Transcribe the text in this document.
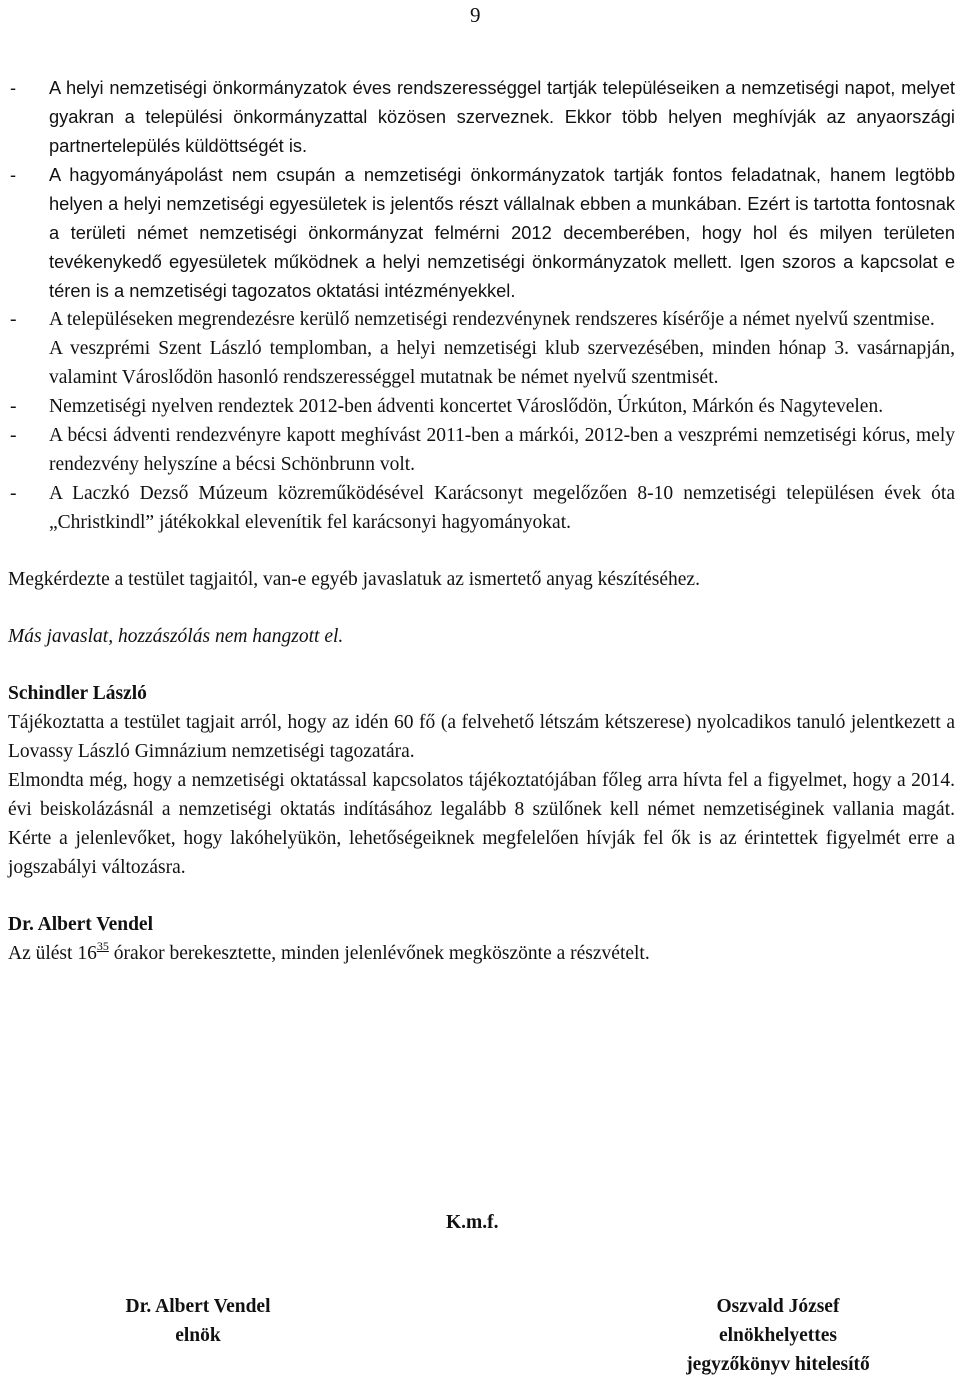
9
- A helyi nemzetiségi önkormányzatok éves rendszerességgel tartják településeiken a nemzetiségi napot, melyet gyakran a települési önkormányzattal közösen szerveznek. Ekkor több helyen meghívják az anyaországi partnertelepülés küldöttségét is.
- A hagyományápolást nem csupán a nemzetiségi önkormányzatok tartják fontos feladatnak, hanem legtöbb helyen a helyi nemzetiségi egyesületek is jelentős részt vállalnak ebben a munkában. Ezért is tartotta fontosnak a területi német nemzetiségi önkormányzat felmérni 2012 decemberében, hogy hol és milyen területen tevékenykedő egyesületek működnek a helyi nemzetiségi önkormányzatok mellett. Igen szoros a kapcsolat e téren is a nemzetiségi tagozatos oktatási intézményekkel.
- A településeken megrendezésre kerülő nemzetiségi rendezvénynek rendszeres kísérője a német nyelvű szentmise.

A veszprémi Szent László templomban, a helyi nemzetiségi klub szervezésében, minden hónap 3. vasárnapján, valamint Városlődön hasonló rendszerességgel mutatnak be német nyelvű szentmisét.

- Nemzetiségi nyelven rendeztek 2012-ben ádventi koncertet Városlődön, Úrkúton, Márkón és Nagytevelen.
- A bécsi ádventi rendezvényre kapott meghívást 2011-ben a márkói, 2012-ben a veszprémi nemzetiségi kórus, mely rendezvény helyszíne a bécsi Schönbrunn volt.
- A Laczkó Dezső Múzeum közreműködésével Karácsonyt megelőzően 8-10 nemzetiségi településen évek óta „Christkindl” játékokkal elevenítik fel karácsonyi hagyományokat.

Megkérdezte a testület tagjaitól, van-e egyéb javaslatuk az ismertető anyag készítéséhez.

Más javaslat, hozzászólás nem hangzott el.

Schindler László

Tájékoztatta a testület tagjait arról, hogy az idén 60 fő (a felvehető létszám kétszerese) nyolcadikos tanuló jelentkezett a Lovassy László Gimnázium nemzetiségi tagozatára.

Elmondta még, hogy a nemzetiségi oktatással kapcsolatos tájékoztatójában főleg arra hívta fel a figyelmet, hogy a 2014. évi beiskolázásnál a nemzetiségi oktatás indításához legalább 8 szülőnek kell német nemzetiséginek vallania magát. Kérte a jelenlevőket, hogy lakóhelyükön, lehetőségeiknek megfelelően hívják fel ők is az érintettek figyelmét erre a jogszabályi változásra.

Dr. Albert Vendel

Az ülést $16^{35}$ órakor berekesztette, minden jelenlévőnek megköszönte a részvételt.

K.m.f.
Dr. Albert Vendel
elnök
Oszvald József
elnökhelyettes
jegyzőkönyv hitelesítő
